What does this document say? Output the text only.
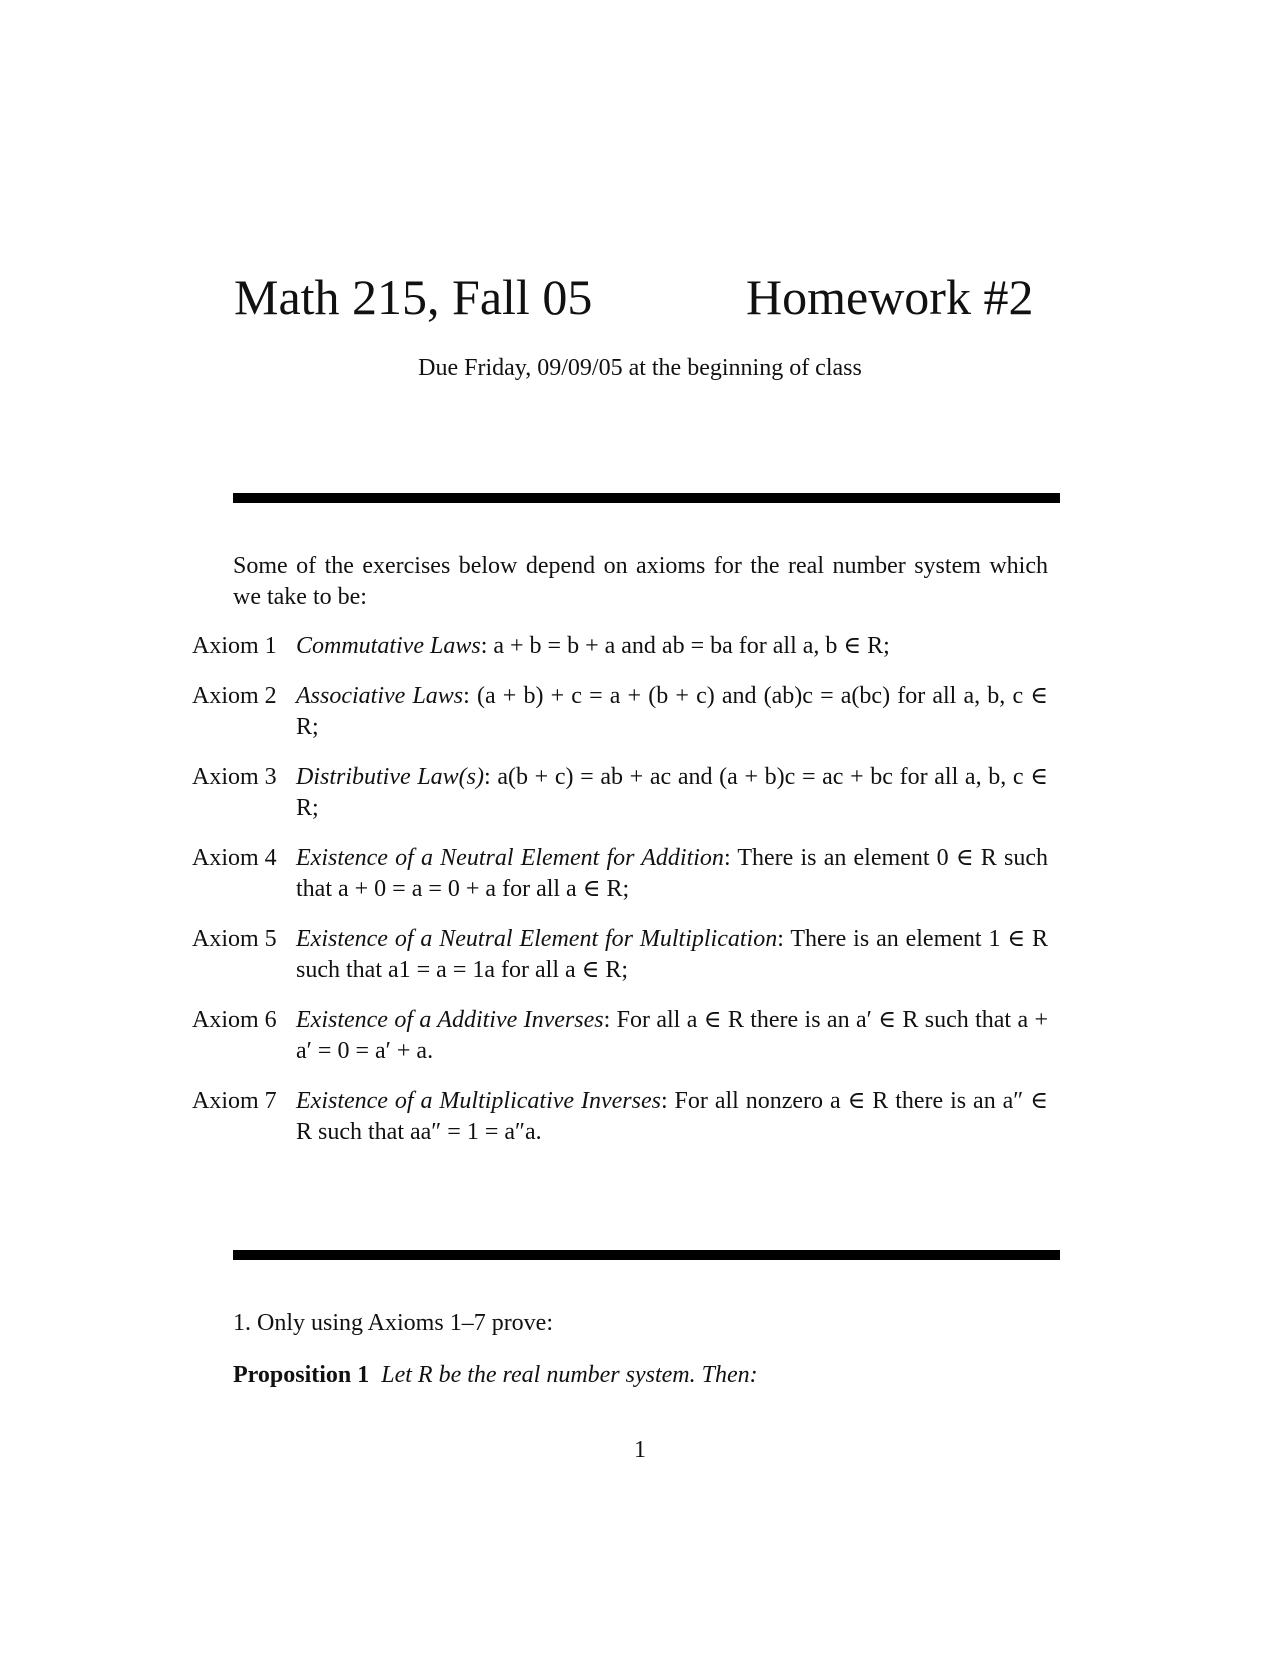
Math 215, Fall 05	Homework #2
Due Friday, 09/09/05 at the beginning of class
Some of the exercises below depend on axioms for the real number system which we take to be:
Axiom 1 Commutative Laws: a + b = b + a and ab = ba for all a, b ∈ R;
Axiom 2 Associative Laws: (a + b) + c = a + (b + c) and (ab)c = a(bc) for all a, b, c ∈ R;
Axiom 3 Distributive Law(s): a(b + c) = ab + ac and (a + b)c = ac + bc for all a, b, c ∈ R;
Axiom 4 Existence of a Neutral Element for Addition: There is an element 0 ∈ R such that a + 0 = a = 0 + a for all a ∈ R;
Axiom 5 Existence of a Neutral Element for Multiplication: There is an element 1 ∈ R such that a1 = a = 1a for all a ∈ R;
Axiom 6 Existence of a Additive Inverses: For all a ∈ R there is an a′ ∈ R such that a + a′ = 0 = a′ + a.
Axiom 7 Existence of a Multiplicative Inverses: For all nonzero a ∈ R there is an a″ ∈ R such that aa″ = 1 = a″a.
1. Only using Axioms 1–7 prove:
Proposition 1 Let R be the real number system. Then:
1
